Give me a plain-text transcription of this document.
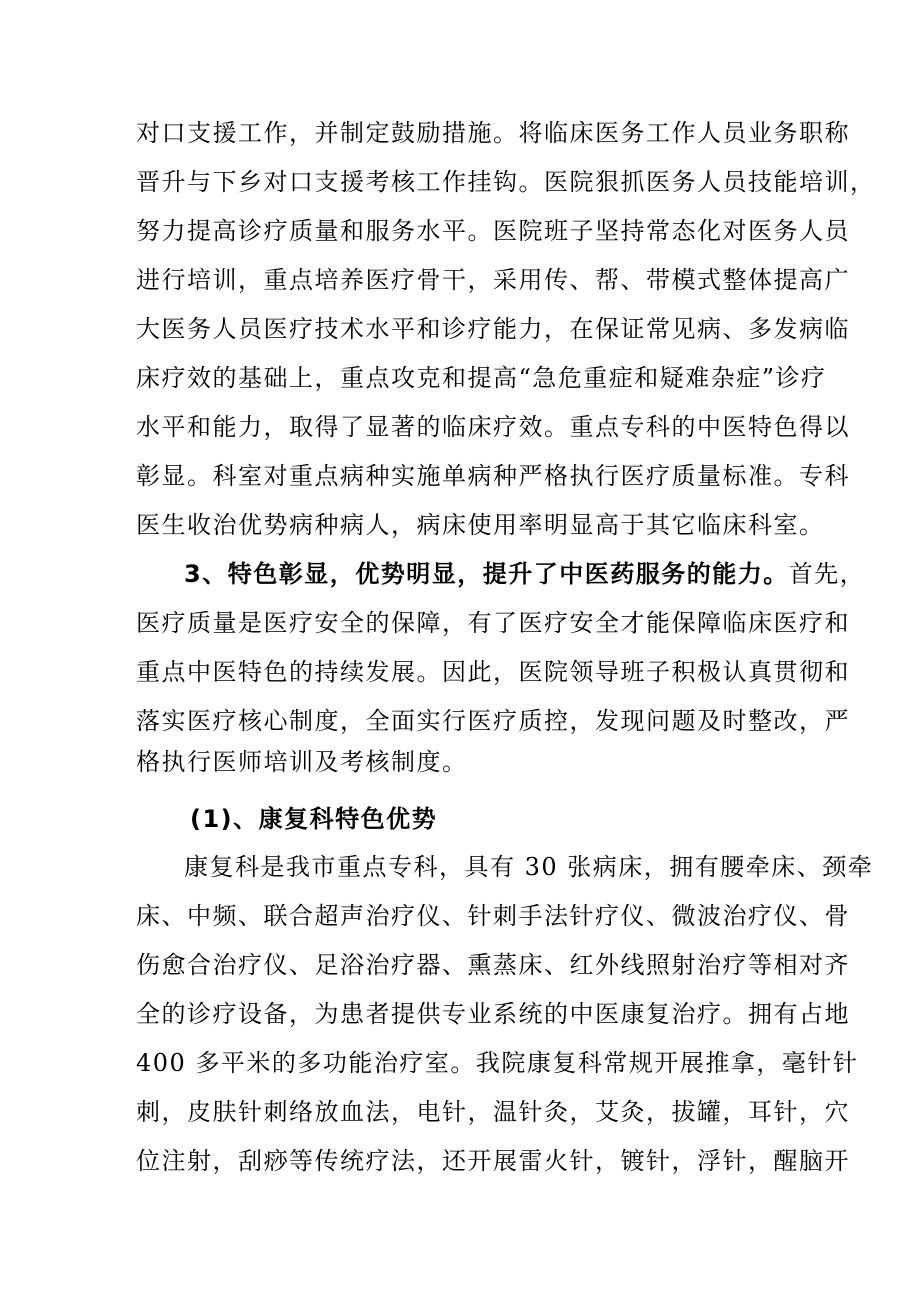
对口支援工作，并制定鼓励措施。将临床医务工作人员业务职称
晋升与下乡对口支援考核工作挂钩。医院狠抓医务人员技能培训，
努力提高诊疗质量和服务水平。医院班子坚持常态化对医务人员
进行培训，重点培养医疗骨干，采用传、帮、带模式整体提高广
大医务人员医疗技术水平和诊疗能力，在保证常见病、多发病临
床疗效的基础上，重点攻克和提高“急危重症和疑难杂症”诊疗
水平和能力，取得了显著的临床疗效。重点专科的中医特色得以
彰显。科室对重点病种实施单病种严格执行医疗质量标准。专科
医生收治优势病种病人，病床使用率明显高于其它临床科室。
3、特色彰显，优势明显，提升了中医药服务的能力。首先，
医疗质量是医疗安全的保障，有了医疗安全才能保障临床医疗和
重点中医特色的持续发展。因此，医院领导班子积极认真贯彻和
落实医疗核心制度，全面实行医疗质控，发现问题及时整改，严
格执行医师培训及考核制度。
(1)、康复科特色优势
康复科是我市重点专科，具有 30 张病床，拥有腰牵床、颈牵
床、中频、联合超声治疗仪、针刺手法针疗仪、微波治疗仪、骨
伤愈合治疗仪、足浴治疗器、熏蒸床、红外线照射治疗等相对齐
全的诊疗设备，为患者提供专业系统的中医康复治疗。拥有占地
400 多平米的多功能治疗室。我院康复科常规开展推拿，毫针针
刺，皮肤针刺络放血法，电针，温针灸，艾灸，拔罐，耳针，穴
位注射，刮痧等传统疗法，还开展雷火针，镀针，浮针，醒脑开
